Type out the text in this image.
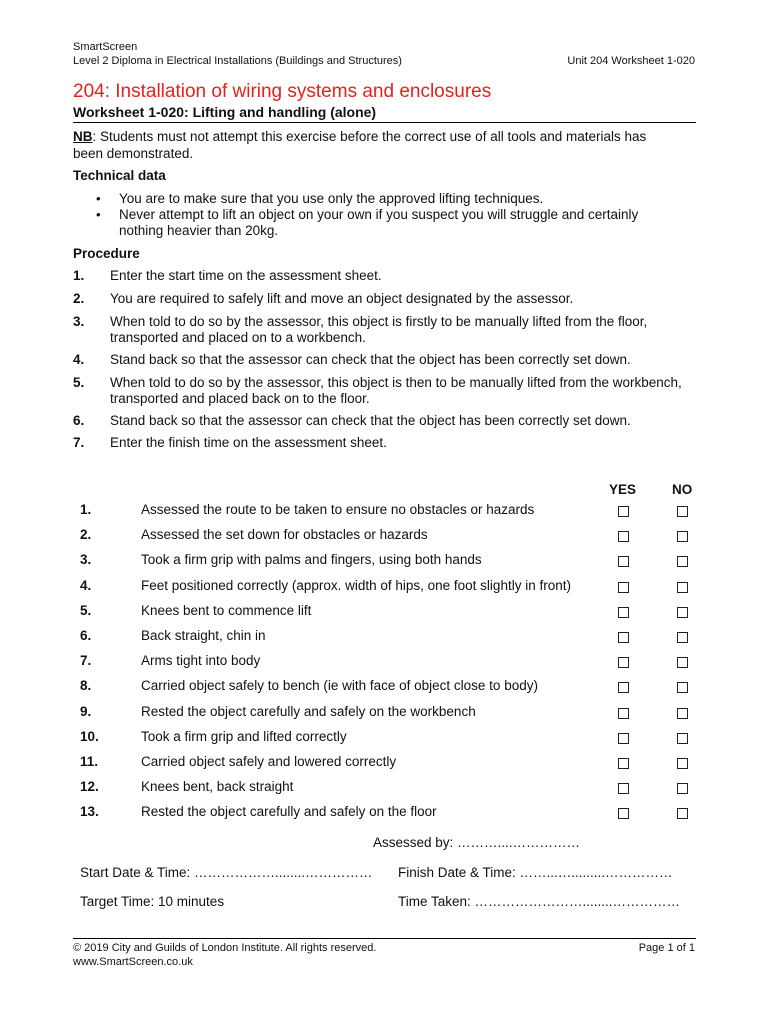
SmartScreen
Level 2 Diploma in Electrical Installations (Buildings and Structures)	Unit 204 Worksheet 1-020
204: Installation of wiring systems and enclosures
Worksheet 1-020: Lifting and handling (alone)
NB: Students must not attempt this exercise before the correct use of all tools and materials has
been demonstrated.
Technical data
• You are to make sure that you use only the approved lifting techniques.
• Never attempt to lift an object on your own if you suspect you will struggle and certainly
nothing heavier than 20kg.
Procedure
1. Enter the start time on the assessment sheet.
2. You are required to safely lift and move an object designated by the assessor.
3. When told to do so by the assessor, this object is firstly to be manually lifted from the floor, transported and placed on to a workbench.
4. Stand back so that the assessor can check that the object has been correctly set down.
5. When told to do so by the assessor, this object is then to be manually lifted from the workbench, transported and placed back on to the floor.
6. Stand back so that the assessor can check that the object has been correctly set down.
7. Enter the finish time on the assessment sheet.
YES	NO
1.	Assessed the route to be taken to ensure no obstacles or hazards
2.	Assessed the set down for obstacles or hazards
3.	Took a firm grip with palms and fingers, using both hands
4.	Feet positioned correctly (approx. width of hips, one foot slightly in front)
5.	Knees bent to commence lift
6.	Back straight, chin in
7.	Arms tight into body
8.	Carried object safely to bench (ie with face of object close to body)
9.	Rested the object carefully and safely on the workbench
10.	Took a firm grip and lifted correctly
11.	Carried object safely and lowered correctly
12.	Knees bent, back straight
13.	Rested the object carefully and safely on the floor
Assessed by: ………....……………
Start Date & Time: ………………........…………… Finish Date & Time: ……...….........……………
Target Time: 10 minutes	Time Taken: ……………………........……………
© 2019 City and Guilds of London Institute. All rights reserved.	Page 1 of 1
www.SmartScreen.co.uk
